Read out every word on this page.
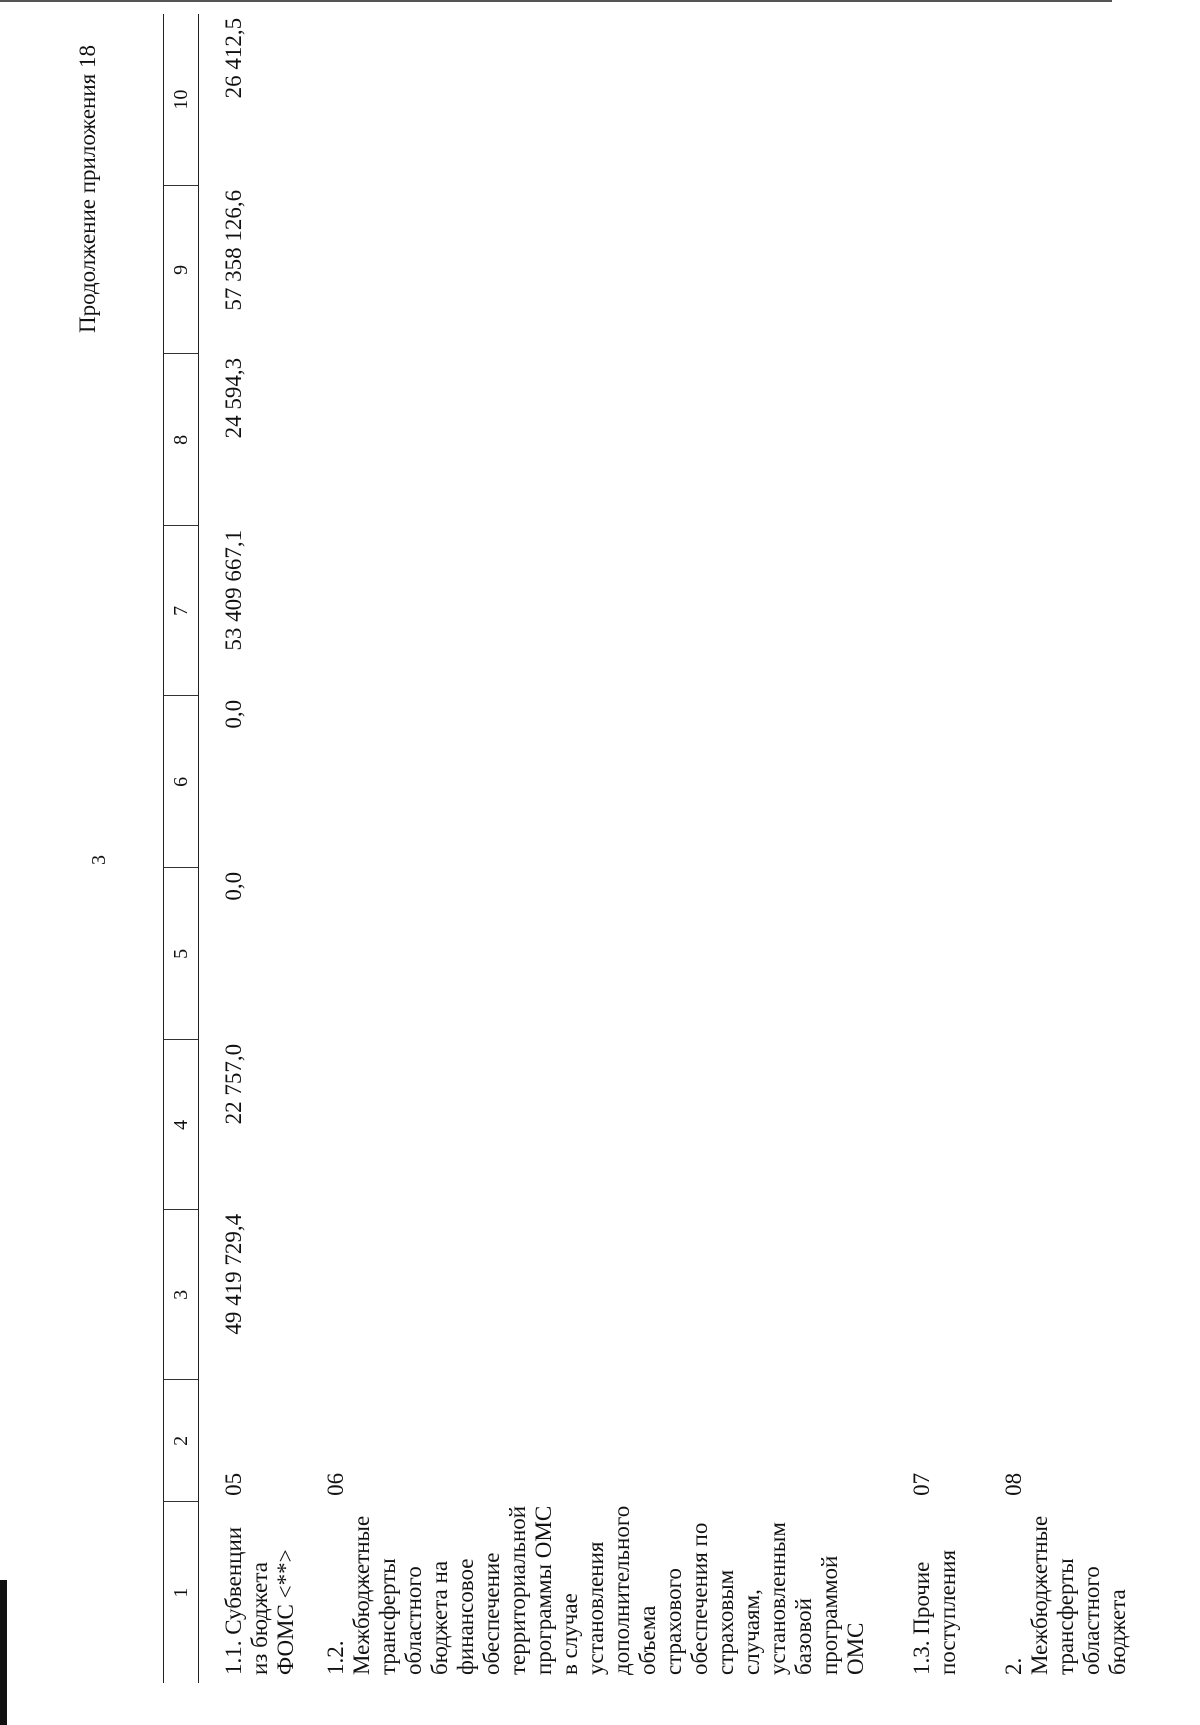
3
Продолжение приложения 18
1	2	3	4	5	6	7	8	9	10
1.1. Субвенции из бюджета ФОМС <**>	05	49 419 729,4	22 757,0	0,0	0,0	53 409 667,1	24 594,3	57 358 126,6	26 412,5
1.2. Межбюджетные трансферты областного бюджета на финансовое обеспечение территориальной программы ОМС в случае установления дополнительного объема страхового обеспечения по страховым случаям, установленным базовой программой ОМС	06								
1.3. Прочие поступления	07								
2. Межбюджетные трансферты областного бюджета	08								
